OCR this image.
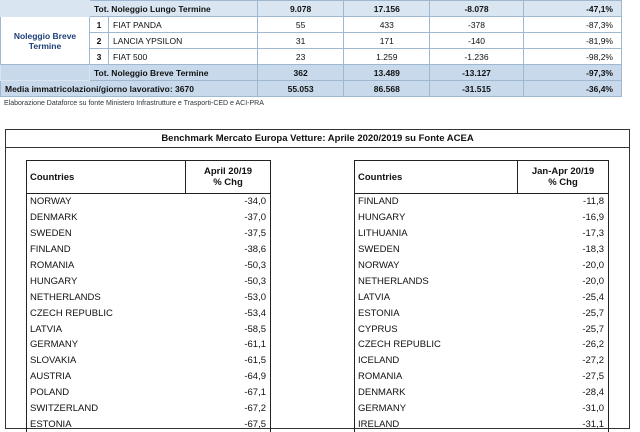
	Tot. Noleggio Lungo Termine		9.078	17.156	-8.078	-47,1%
Noleggio Breve Termine	1	FIAT PANDA	55	433	-378	-87,3%
	2	LANCIA YPSILON	31	171	-140	-81,9%
	3	FIAT 500	23	1.259	-1.236	-98,2%
	Tot. Noleggio Breve Termine		362	13.489	-13.127	-97,3%
Media immatricolazioni/giorno lavorativo: 3670			55.053	86.568	-31.515	-36,4%
Elaborazione Dataforce su fonte Ministero Infrastrutture e Trasporti-CED e ACI-PRA
Benchmark Mercato Europa Vetture: Aprile 2020/2019 su Fonte ACEA
Countries	April 20/19
% Chg
NORWAY	-34,0
DENMARK	-37,0
SWEDEN	-37,5
FINLAND	-38,6
ROMANIA	-50,3
HUNGARY	-50,3
NETHERLANDS	-53,0
CZECH REPUBLIC	-53,4
LATVIA	-58,5
GERMANY	-61,1
SLOVAKIA	-61,5
AUSTRIA	-64,9
POLAND	-67,1
SWITZERLAND	-67,2
ESTONIA	-67,5
Countries	Jan-Apr 20/19
% Chg
FINLAND	-11,8
HUNGARY	-16,9
LITHUANIA	-17,3
SWEDEN	-18,3
NORWAY	-20,0
NETHERLANDS	-20,0
LATVIA	-25,4
ESTONIA	-25,7
CYPRUS	-25,7
CZECH REPUBLIC	-26,2
ICELAND	-27,2
ROMANIA	-27,5
DENMARK	-28,4
GERMANY	-31,0
IRELAND	-31,1
